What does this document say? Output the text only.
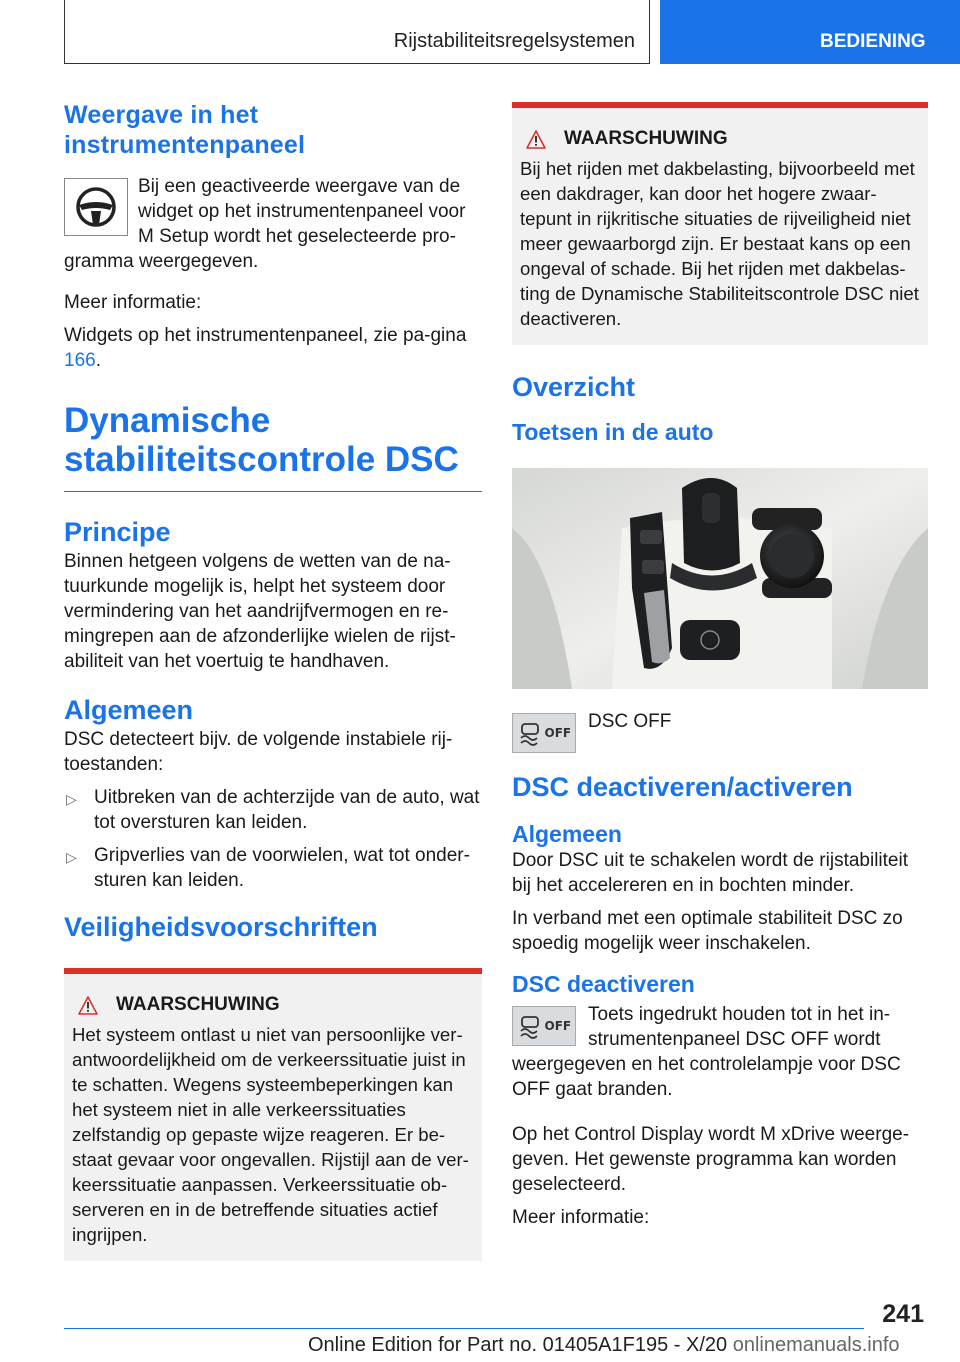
Rijstabiliteitsregelsystemen	BEDIENING
Weergave in het instrumentenpaneel

Bij een geactiveerde weergave van de widget op het instrumentenpaneel voor M Setup wordt het geselecteerde pro-gramma weergegeven.

Meer informatie:

Widgets op het instrumentenpaneel, zie pa-gina 166.

Dynamische stabiliteitscontrole DSC
Principe

Binnen hetgeen volgens de wetten van de na-tuurkunde mogelijk is, helpt het systeem door vermindering van het aandrijfvermogen en re-mingrepen aan de afzonderlijke wielen de rijst-abiliteit van het voertuig te handhaven.

Algemeen

DSC detecteert bijv. de volgende instabiele rij-toestanden:

▷ Uitbreken van de achterzijde van de auto, wat tot oversturen kan leiden.
▷ Gripverlies van de voorwielen, wat tot onder-sturen kan leiden.
Veiligheidsvoorschriften
WAARSCHUWING

Het systeem ontlast u niet van persoonlijke ver-antwoordelijkheid om de verkeerssituatie juist in te schatten. Wegens systeembeperkingen kan het systeem niet in alle verkeerssituaties zelfstandig op gepaste wijze reageren. Er be-staat gevaar voor ongevallen. Rijstijl aan de ver-keerssituatie aanpassen. Verkeerssituatie ob-serveren en in de betreffende situaties actief ingrijpen.

WAARSCHUWING

Bij het rijden met dakbelasting, bijvoorbeeld met een dakdrager, kan door het hogere zwaar-tepunt in rijkritische situaties de rijveiligheid niet meer gewaarborgd zijn. Er bestaat kans op een ongeval of schade. Bij het rijden met dakbelas-ting de Dynamische Stabiliteitscontrole DSC niet deactiveren.

Overzicht
Toetsen in de auto
OFF

DSC OFF

DSC deactiveren/activeren
Algemeen

Door DSC uit te schakelen wordt de rijstabiliteit bij het accelereren en in bochten minder.

In verband met een optimale stabiliteit DSC zo spoedig mogelijk weer inschakelen.

DSC deactiveren
OFF

Toets ingedrukt houden tot in het in-strumentenpaneel DSC OFF wordt weergegeven en het controlelampje voor DSC OFF gaat branden.

Op het Control Display wordt M xDrive weerge-geven. Het gewenste programma kan worden geselecteerd.

Meer informatie:

241
Online Edition for Part no. 01405A1F195 - X/20 onlinemanuals.info
